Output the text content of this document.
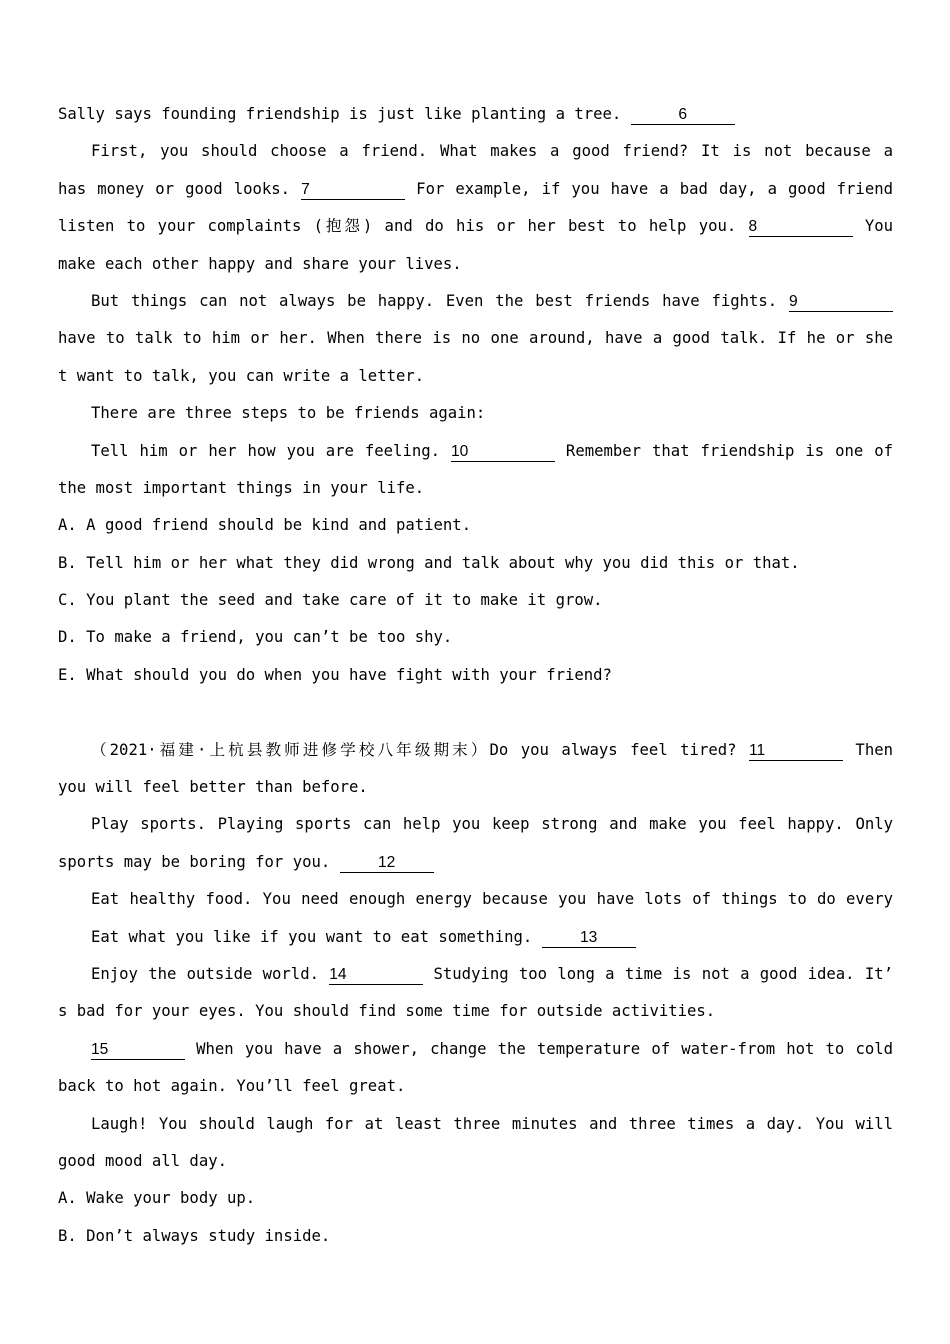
Sally says founding friendship is just like planting a tree.	6
First, you should choose a friend. What makes a good friend? It is not because a
has money or good looks. 7	For example, if you have a bad day, a good friend
listen to your complaints (抱怨) and do his or her best to help you. 8	You
make each other happy and share your lives.
But things can not always be happy. Even the best friends have fights. 9
have to talk to him or her. When there is no one around, have a good talk. If he or she
t want to talk, you can write a letter.
There are three steps to be friends again:
Tell him or her how you are feeling. 10	Remember that friendship is one of
the most important things in your life.
A. A good friend should be kind and patient.
B. Tell him or her what they did wrong and talk about why you did this or that.
C. You plant the seed and take care of it to make it grow.
D. To make a friend, you can’t be too shy.
E. What should you do when you have fight with your friend?
（2021·福建·上杭县教师进修学校八年级期末）Do you always feel tired? 11	Then
you will feel better than before.
Play sports. Playing sports can help you keep strong and make you feel happy. Only
sports may be boring for you. 12
Eat healthy food. You need enough energy because you have lots of things to do every
Eat what you like if you want to eat something. 13
Enjoy the outside world. 14	Studying too long a time is not a good idea. It’
s bad for your eyes. You should find some time for outside activities.
15	When you have a shower, change the temperature of water-from hot to cold
back to hot again. You’ll feel great.
Laugh! You should laugh for at least three minutes and three times a day. You will
good mood all day.
A. Wake your body up.
B. Don’t always study inside.
